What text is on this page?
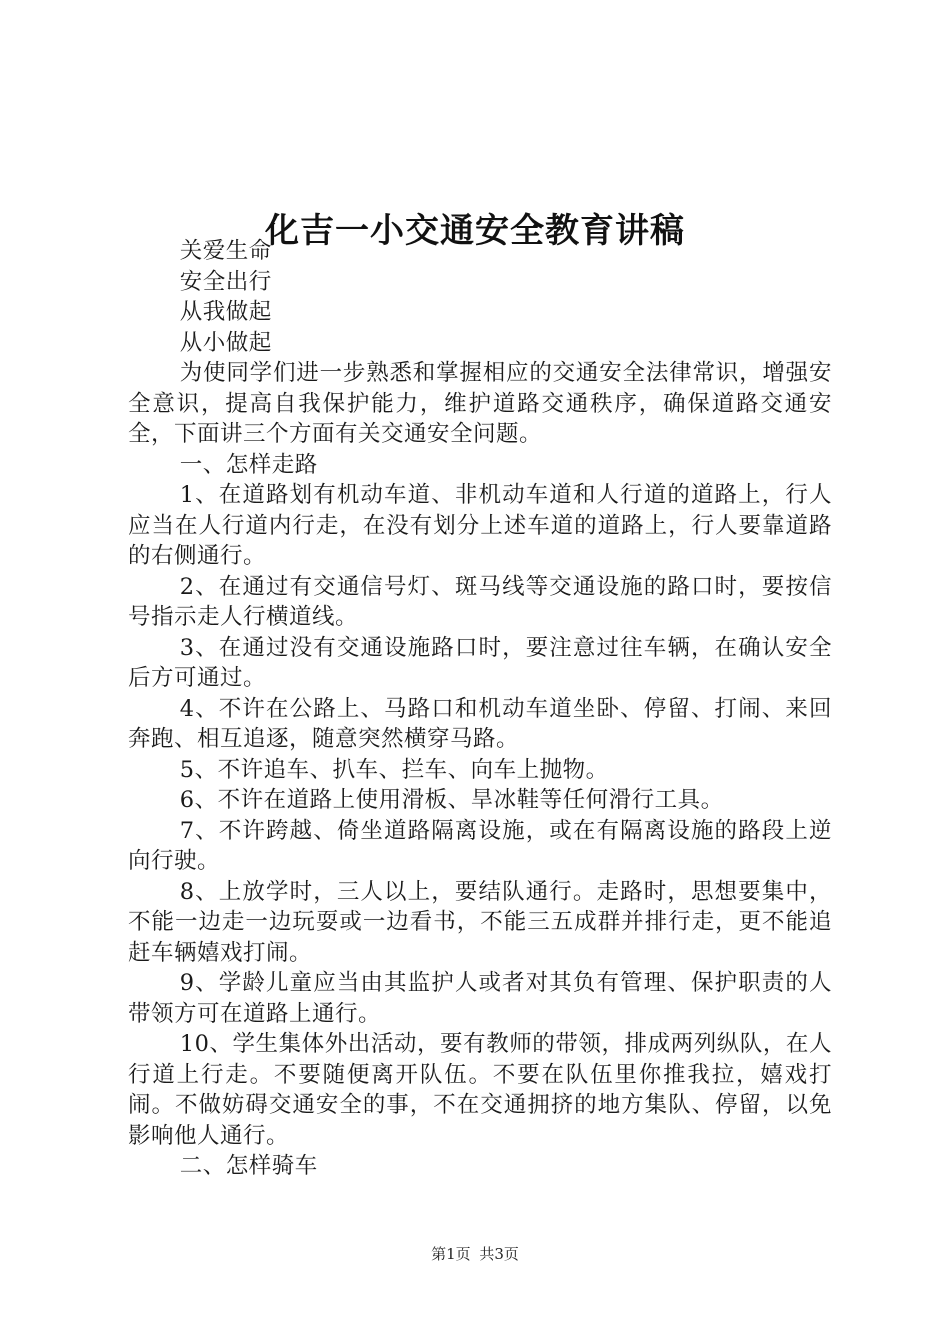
化吉一小交通安全教育讲稿

关爱生命

安全出行

从我做起

从小做起

为使同学们进一步熟悉和掌握相应的交通安全法律常识，增强安全意识，提高自我保护能力，维护道路交通秩序，确保道路交通安全，下面讲三个方面有关交通安全问题。

一、怎样走路

1、在道路划有机动车道、非机动车道和人行道的道路上，行人应当在人行道内行走，在没有划分上述车道的道路上，行人要靠道路的右侧通行。

2、在通过有交通信号灯、斑马线等交通设施的路口时，要按信号指示走人行横道线。

3、在通过没有交通设施路口时，要注意过往车辆，在确认安全后方可通过。

4、不许在公路上、马路口和机动车道坐卧、停留、打闹、来回奔跑、相互追逐，随意突然横穿马路。

5、不许追车、扒车、拦车、向车上抛物。

6、不许在道路上使用滑板、旱冰鞋等任何滑行工具。

7、不许跨越、倚坐道路隔离设施，或在有隔离设施的路段上逆向行驶。

8、上放学时，三人以上，要结队通行。走路时，思想要集中，不能一边走一边玩耍或一边看书，不能三五成群并排行走，更不能追赶车辆嬉戏打闹。

9、学龄儿童应当由其监护人或者对其负有管理、保护职责的人带领方可在道路上通行。

10、学生集体外出活动，要有教师的带领，排成两列纵队，在人行道上行走。不要随便离开队伍。不要在队伍里你推我拉，嬉戏打闹。不做妨碍交通安全的事，不在交通拥挤的地方集队、停留，以免影响他人通行。

二、怎样骑车

第1页 共3页
